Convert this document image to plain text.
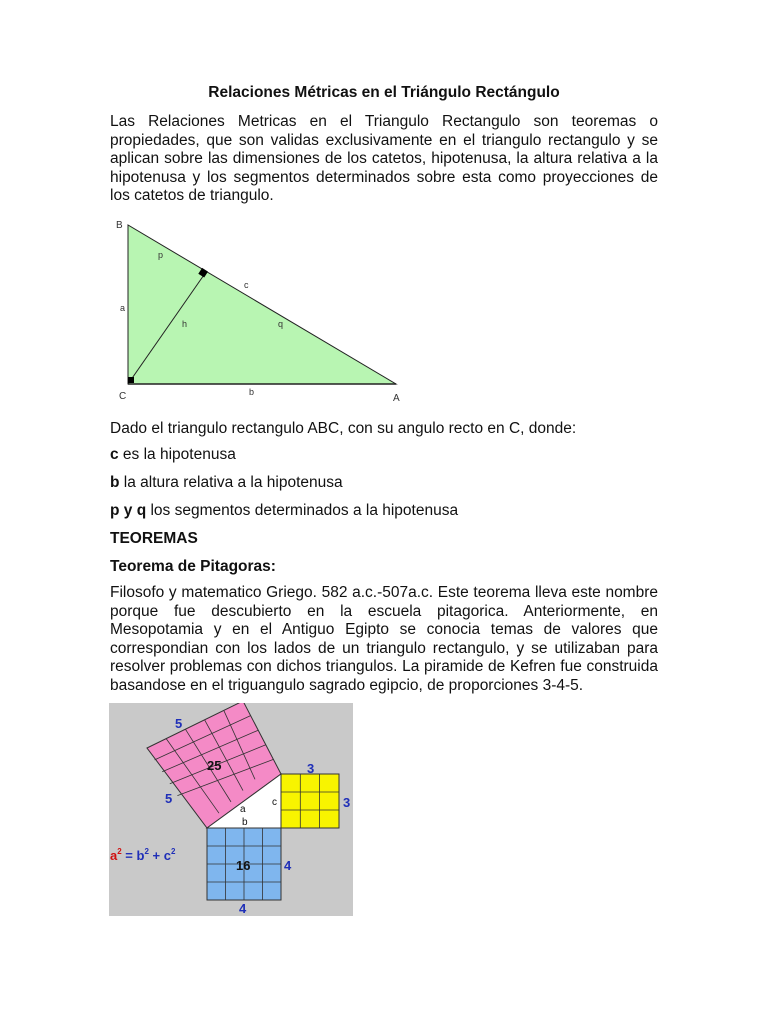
Relaciones Métricas en el Triángulo Rectángulo

Las Relaciones Metricas en el Triangulo Rectangulo son teoremas o propiedades, que son validas exclusivamente en el triangulo rectangulo y se aplican sobre las dimensiones de los catetos, hipotenusa, la altura relativa a la hipotenusa y los segmentos determinados sobre esta como proyecciones de los catetos de triangulo.

B
C	A
p
c
a
h	q
b

Dado el triangulo rectangulo ABC, con su angulo recto en C, donde:

c es la hipotenusa

b la altura relativa a la hipotenusa

p y q los segmentos determinados a la hipotenusa

TEOREMAS

Teorema de Pitagoras:

Filosofo y matematico Griego. 582 a.c.-507a.c. Este teorema lleva este nombre porque fue descubierto en la escuela pitagorica. Anteriormente, en Mesopotamia y en el Antiguo Egipto se conocia temas de valores que correspondian con los lados de un triangulo rectangulo, y se utilizaban para resolver problemas con dichos triangulos. La piramide de Kefren fue construida basandose en el triguangulo sagrado egipcio, de proporciones 3-4-5.

5
5
3
3
4
4
25
16
a
b
c
$a^2 = b^2 + c^2$
